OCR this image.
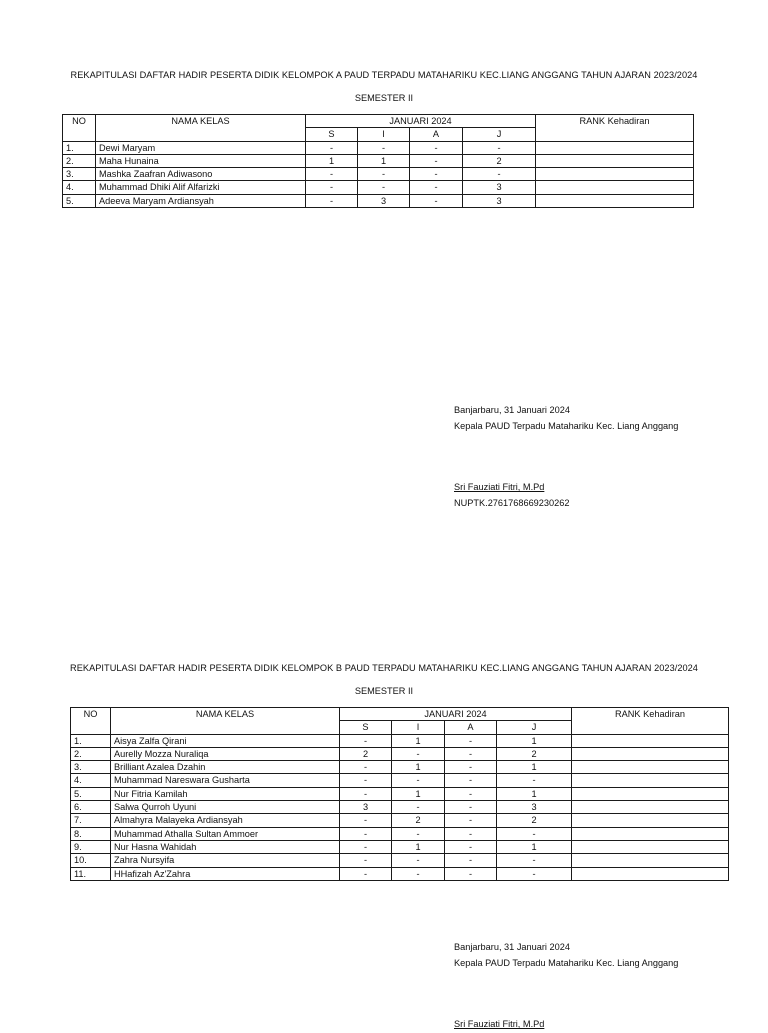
REKAPITULASI DAFTAR HADIR PESERTA DIDIK KELOMPOK A PAUD TERPADU MATAHARIKU KEC.LIANG ANGGANG TAHUN AJARAN 2023/2024
SEMESTER II
NO	NAMA KELAS	JANUARI 2024				RANK Kehadiran
		S	I	A	J	
1.	Dewi Maryam	-	-	-	-	
2.	Maha Hunaina	1	1	-	2	
3.	Mashka Zaafran Adiwasono	-	-	-	-	
4.	Muhammad Dhiki Alif Alfarizki	-	-	-	3	
5.	Adeeva Maryam Ardiansyah	-	3	-	3	
Banjarbaru, 31 Januari 2024
Kepala PAUD Terpadu Matahariku Kec. Liang Anggang
Sri Fauziati Fitri, M.Pd
NUPTK.2761768669230262
REKAPITULASI DAFTAR HADIR PESERTA DIDIK KELOMPOK B PAUD TERPADU MATAHARIKU KEC.LIANG ANGGANG TAHUN AJARAN 2023/2024
SEMESTER II
NO	NAMA KELAS	JANUARI 2024				RANK Kehadiran
		S	I	A	J	
1.	Aisya Zalfa Qirani	-	1	-	1	
2.	Aurelly Mozza Nuraliqa	2	-	-	2	
3.	Brilliant Azalea Dzahin	-	1	-	1	
4.	Muhammad Nareswara Gusharta	-	-	-	-	
5.	Nur Fitria Kamilah	-	1	-	1	
6.	Salwa Qurroh Uyuni	3	-	-	3	
7.	Almahyra Malayeka Ardiansyah	-	2	-	2	
8.	Muhammad Athalla Sultan Ammoer	-	-	-	-	
9.	Nur Hasna Wahidah	-	1	-	1	
10.	Zahra Nursyifa	-	-	-	-	
11.	HHafizah Az'Zahra	-	-	-	-	
Banjarbaru, 31 Januari 2024
Kepala PAUD Terpadu Matahariku Kec. Liang Anggang
Sri Fauziati Fitri, M.Pd
